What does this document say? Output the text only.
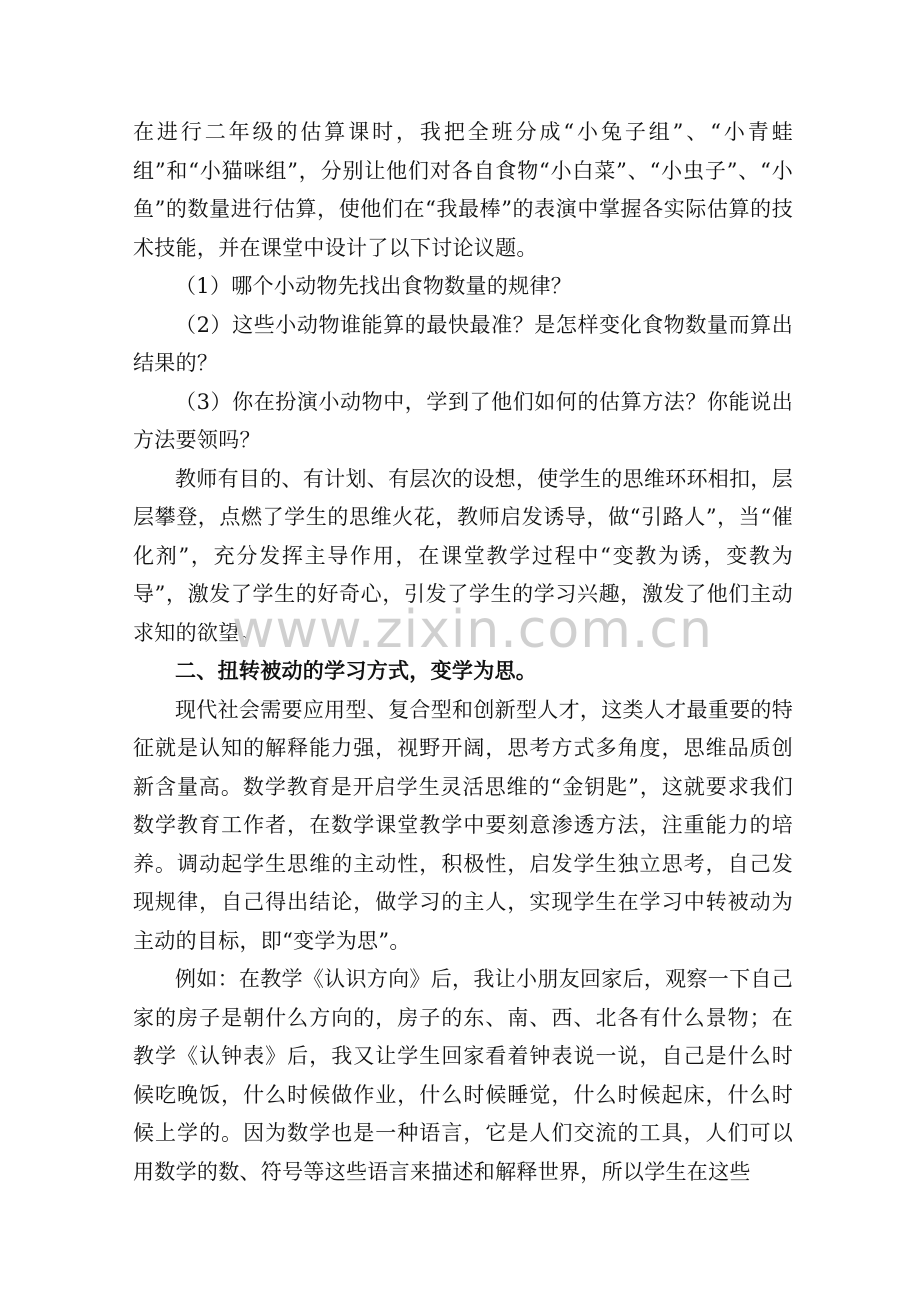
在进行二年级的估算课时，我把全班分成“小兔子组”、“小青蛙组”和“小猫咪组”，分别让他们对各自食物“小白菜”、“小虫子”、“小鱼”的数量进行估算，使他们在“我最棒”的表演中掌握各实际估算的技术技能，并在课堂中设计了以下讨论议题。

（1）哪个小动物先找出食物数量的规律？

（2）这些小动物谁能算的最快最准？是怎样变化食物数量而算出结果的？

（3）你在扮演小动物中，学到了他们如何的估算方法？你能说出方法要领吗？

教师有目的、有计划、有层次的设想，使学生的思维环环相扣，层层攀登，点燃了学生的思维火花，教师启发诱导，做“引路人”，当“催化剂”，充分发挥主导作用，在课堂教学过程中“变教为诱，变教为导”，激发了学生的好奇心，引发了学生的学习兴趣，激发了他们主动求知的欲望。

二、扭转被动的学习方式，变学为思。

现代社会需要应用型、复合型和创新型人才，这类人才最重要的特征就是认知的解释能力强，视野开阔，思考方式多角度，思维品质创新含量高。数学教育是开启学生灵活思维的“金钥匙”，这就要求我们数学教育工作者，在数学课堂教学中要刻意渗透方法，注重能力的培养。调动起学生思维的主动性，积极性，启发学生独立思考，自己发现规律，自己得出结论，做学习的主人，实现学生在学习中转被动为主动的目标，即“变学为思”。

例如：在教学《认识方向》后，我让小朋友回家后，观察一下自己家的房子是朝什么方向的，房子的东、南、西、北各有什么景物；在教学《认钟表》后，我又让学生回家看着钟表说一说，自己是什么时候吃晚饭，什么时候做作业，什么时候睡觉，什么时候起床，什么时候上学的。因为数学也是一种语言，它是人们交流的工具，人们可以用数学的数、符号等这些语言来描述和解释世界，所以学生在这些

www.zixin.com.cn
